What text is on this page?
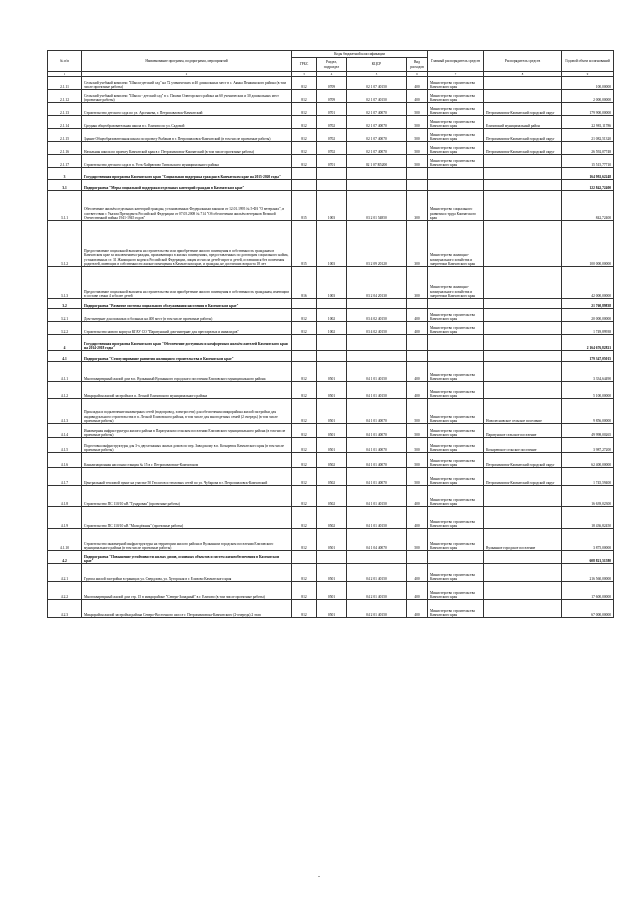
№ п/п	Наименование программ, подпрограмм, мероприятий	Коды бюджетной классификации				Главный распорядитель средств	Распорядитель средств	Годовой объем ассигнований
		ГРБС	Раздел, подраздел	КЦСР	Вид расходов			
1	2	3	4	5	6	7	8	9
2.1.11	Сельский учебный комплекс "Школа-детский сад" на 72 ученических и 40 дошкольных мест в с. Аянка Пенжинского района (в том числе проектные работы)	812	0709	02 1 07 40150	400	Министерство строительства Камчатского края		100,00000
2.1.12	Сельский учебный комплекс "Школа - детский сад" в с. Пахачи Олюторского района на 60 ученических и 30 дошкольных мест (проектные работы)	812	0709	02 1 07 40150	400	Министерство строительства Камчатского края		2 000,00000
2.1.13	Строительство детского сада по ул. Арсеньева, г. Петропавловск-Камчатский	812	0701	02 1 07 40070	500	Министерство строительства Камчатского края	Петропавловск-Камчатский городской округ	179 900,00000
2.1.14	Средняя общеобразовательная школа в с. Елизово по ул. Садовой	812	0702	02 1 07 40070	500	Министерство строительства Камчатского края	Елизовский муниципальный район	22 981,11786
2.1.15	Здание Общеобразовательная школа по проекту Рыбаков в г. Петропавловск-Камчатский (в том числе проектные работы)	812	0702	02 1 07 40070	500	Министерство строительства Камчатского края	Петропавловск-Камчатский городской округ	21 082,51320
2.1.16	Начальная школа по проекту Камчатской края в г. Петропавловск-Камчатский (в том числе проектные работы)	812	0702	02 1 07 40070	500	Министерство строительства Камчатского края	Петропавловск-Камчатский городской округ	26 592,07748
2.1.17	Строительство детского сада в п. Усть-Хайрюзово Тигильского муниципального района	812	0701	02 1 07 R5200	500	Министерство строительства Камчатского края		15 515,77710
3	Государственная программа Камчатского края "Социальная поддержка граждан в Камчатском крае на 2015-2020 годы"							164 992,62248
3.1	Подпрограмма "Меры социальной поддержки отдельных категорий граждан в Камчатском крае"							122 842,72400
3.1.1	Обеспечение жильём отдельных категорий граждан, установленных Федеральным законом от 12.01.1995 № 5-ФЗ "О ветеранах", в соответствии с Указом Президента Российской Федерации от 07.05.2008 № 714 "Об обеспечении жильём ветеранов Великой Отечественной войны 1941-1945 годов"	815	1003	03 2 01 54850	300	Министерство социального развития и труда Камчатского края		842,72400
3.1.2	Предоставление социальной выплаты на строительство или приобретение жилого помещения в собственность гражданам в Камчатском крае за исключением граждан, проживающих в жилых помещениях, предоставленных по договорам социального найма, установленных ст. 31 Жилищного кодекса Российской Федерации, лицам из числа детей-сирот и детей, оставшихся без попечения родителей, имеющих в собственности жилые помещения в Камчатском крае, и граждан, не достигших возраста 18 лет	815	1003	03 2 09 20120	300	Министерство жилищно-коммунального хозяйства и энергетики Камчатского края		100 000,00000
3.1.3	Предоставление социальной выплаты на строительство или приобретение жилого помещения в собственность гражданам, имеющим в составе семьи 4 и более детей	816	1003	03 2 04 20130	300	Министерство жилищно-коммунального хозяйства и энергетики Камчатского края		42 000,00000
3.2	Подпрограмма "Развитие системы социального обслуживания населения в Камчатском крае"							21 760,89838
3.2.1	Дом-интернат для пожилых и больных на 400 мест (в том числе проектные работы)	812	1002	03 4 02 40150	400	Министерство строительства Камчатского края		20 000,00000
3.2.2	Строительство нового корпуса КГАУ СО "Паратунский дом-интернат для престарелых и инвалидов"	812	1002	03 4 02 40150	400	Министерство строительства Камчатского края		1 749,89938
4	Государственная программа Камчатского края "Обеспечение доступным и комфортным жильём жителей Камчатского края на 2014-2018 годы"							2 164 676,82821
4.1	Подпрограмма "Стимулирование развития жилищного строительства в Камчатском крае"							179 347,05015
4.1.1	Многоквартирный жилой дом в п. Вулканный Вулканного городского поселения Елизовского муниципального района	812	0501	04 1 01 40150	400	Министерство строительства Камчатского края		3 334,64490
4.1.2	Микрорайон жилой застройки в п. Лесной Елизовского муниципального района	812	0501	04 1 01 40150	400	Министерство строительства Камчатского края		5 100,00000
4.1.3	Прокладка и подключение инженерных сетей (водопровод, электросети) для обеспечения микрорайона жилой застройки для индивидуального строительства в п. Лесной Елизовского района, в том числе для многодетных семей (2 очередь) (в том числе проектные работы)	812	0501	04 1 01 40070	500	Министерство строительства Камчатского края	Новолесновское сельское поселение	9 856,00000
4.1.4	Инженерная инфраструктура жилого района в Паратунском сельском поселении Елизовского муниципального района (в том числе проектные работы)	812	0501	04 1 01 40070	500	Министерство строительства Камчатского края	Паратунское сельское поселение	49 998,00265
4.1.5	Подготовка инфраструктуры для 3-х двухэтажных жилых домов по пер. Заводскому в п. Козыревск Камчатского края (в том числе проектные работы)	812	0501	04 1 01 40070	500	Министерство строительства Камчатского края	Козыревское сельское поселение	3 987,27200
4.1.6	Канализационная насосная станция № 15 в г. Петропавловске-Камчатском	812	0502	04 1 01 40070	500	Министерство строительства Камчатского края	Петропавловск-Камчатский городской округ	62 400,00000
4.1.7	Центральный тепловой пункт на участке 50 Геологов и тепловых сетей по ул. Чубарова в г. Петропавловск-Камчатский	812	0502	04 1 01 40070	500	Министерство строительства Камчатского края	Петропавловск-Камчатский городской округ	1 745,59400
4.1.8	Строительство ПС 110/10 кВ "Тундровая" (проектные работы)	812	0502	04 1 01 40150	400	Министерство строительства Камчатского края		16 639,02300
4.1.9	Строительство ПС 110/10 кВ "Молодёжная" (проектные работы)	812	0502	04 1 01 40150	400	Министерство строительства Камчатского края		18 436,82450
4.1.10	Строительство инженерной инфраструктуры на территории жилого района в Вулканном городском поселении Елизовского муниципального района (в том числе проектные работы)	812	0501	04 1 04 40070	500	Министерство строительства Камчатского края	Вулканное городское поселение	3 875,00000
4.2	Подпрограмма "Повышение устойчивости жилых домов, основных объектов и систем жизнеобеспечения в Камчатском крае"							608 821,51580
4.2.1	Группа жилой застройки в границах ул. Свердлова, ул. Хуторская в г. Елизово Камчатского края	812	0501	04 2 01 40150	400	Министерство строительства Камчатского края		216 560,00000
4.2.2	Многоквартирный жилой дом стр. 15 в микрорайоне "Северо-Западный" в г. Елизово (в том числе проектные работы)	812	0501	04 2 01 40150	400	Министерство строительства Камчатского края		17 600,00000
4.2.3	Микрорайон жилой застройки района Северо-Восточного шоссе г. Петропавловска-Камчатского (2-очередь) 2 этап	812	0501	04 2 01 40150	400	Министерство строительства Камчатского края		67 000,00000
-
